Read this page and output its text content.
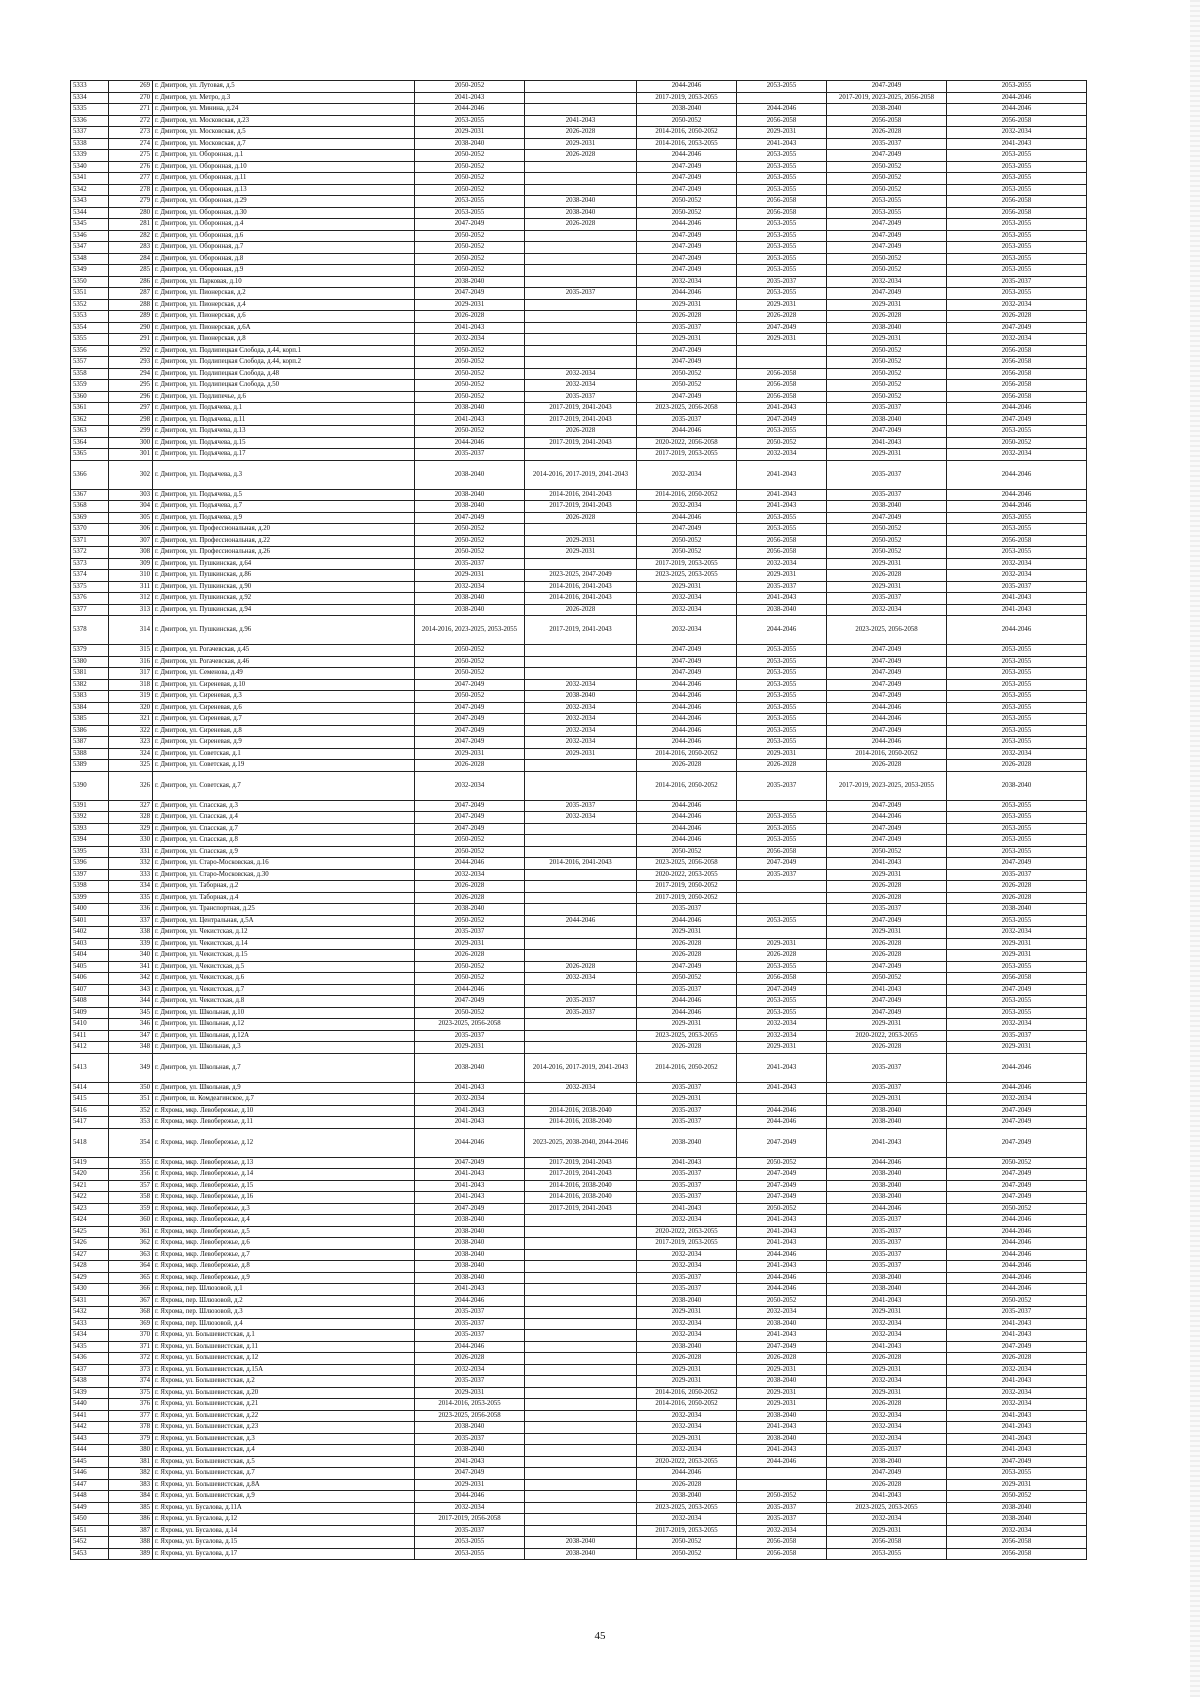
5333	269	г. Дмитров, ул. Лутовая, д.5	2050-2052		2044-2046	2053-2055	2047-2049	2053-2055
5334	270	г. Дмитров, ул. Метро, д.3	2041-2043		2017-2019, 2053-2055		2017-2019, 2023-2025, 2056-2058	2044-2046
5335	271	г. Дмитров, ул. Минина, д.24	2044-2046		2038-2040	2044-2046	2038-2040	2044-2046
5336	272	г. Дмитров, ул. Московская, д.23	2053-2055	2041-2043	2050-2052	2056-2058	2056-2058	2056-2058
5337	273	г. Дмитров, ул. Московская, д.5	2029-2031	2026-2028	2014-2016, 2050-2052	2029-2031	2026-2028	2032-2034
5338	274	г. Дмитров, ул. Московская, д.7	2038-2040	2029-2031	2014-2016, 2053-2055	2041-2043	2035-2037	2041-2043
5339	275	г. Дмитров, ул. Оборонная, д.1	2050-2052	2026-2028	2044-2046	2053-2055	2047-2049	2053-2055
5340	276	г. Дмитров, ул. Оборонная, д.10	2050-2052		2047-2049	2053-2055	2050-2052	2053-2055
5341	277	г. Дмитров, ул. Оборонная, д.11	2050-2052		2047-2049	2053-2055	2050-2052	2053-2055
5342	278	г. Дмитров, ул. Оборонная, д.13	2050-2052		2047-2049	2053-2055	2050-2052	2053-2055
5343	279	г. Дмитров, ул. Оборонная, д.29	2053-2055	2038-2040	2050-2052	2056-2058	2053-2055	2056-2058
5344	280	г. Дмитров, ул. Оборонная, д.30	2053-2055	2038-2040	2050-2052	2056-2058	2053-2055	2056-2058
5345	281	г. Дмитров, ул. Оборонная, д.4	2047-2049	2026-2028	2044-2046	2053-2055	2047-2049	2053-2055
5346	282	г. Дмитров, ул. Оборонная, д.6	2050-2052		2047-2049	2053-2055	2047-2049	2053-2055
5347	283	г. Дмитров, ул. Оборонная, д.7	2050-2052		2047-2049	2053-2055	2047-2049	2053-2055
5348	284	г. Дмитров, ул. Оборонная, д.8	2050-2052		2047-2049	2053-2055	2050-2052	2053-2055
5349	285	г. Дмитров, ул. Оборонная, д.9	2050-2052		2047-2049	2053-2055	2050-2052	2053-2055
5350	286	г. Дмитров, ул. Парковая, д.10	2038-2040		2032-2034	2035-2037	2032-2034	2035-2037
5351	287	г. Дмитров, ул. Пионерская, д.2	2047-2049	2035-2037	2044-2046	2053-2055	2047-2049	2053-2055
5352	288	г. Дмитров, ул. Пионерская, д.4	2029-2031		2029-2031	2029-2031	2029-2031	2032-2034
5353	289	г. Дмитров, ул. Пионерская, д.6	2026-2028		2026-2028	2026-2028	2026-2028	2026-2028
5354	290	г. Дмитров, ул. Пионерская, д.6А	2041-2043		2035-2037	2047-2049	2038-2040	2047-2049
5355	291	г. Дмитров, ул. Пионерская, д.8	2032-2034		2029-2031	2029-2031	2029-2031	2032-2034
5356	292	г. Дмитров, ул. Подлипецкая Слобода, д.44, корп.1	2050-2052		2047-2049		2050-2052	2056-2058
5357	293	г. Дмитров, ул. Подлипецкая Слобода, д.44, корп.2	2050-2052		2047-2049		2050-2052	2056-2058
5358	294	г. Дмитров, ул. Подлипецкая Слобода, д.48	2050-2052	2032-2034	2050-2052	2056-2058	2050-2052	2056-2058
5359	295	г. Дмитров, ул. Подлипецкая Слобода, д.50	2050-2052	2032-2034	2050-2052	2056-2058	2050-2052	2056-2058
5360	296	г. Дмитров, ул. Подлипечье, д.6	2050-2052	2035-2037	2047-2049	2056-2058	2050-2052	2056-2058
5361	297	г. Дмитров, ул. Подъячева, д.1	2038-2040	2017-2019, 2041-2043	2023-2025, 2056-2058	2041-2043	2035-2037	2044-2046
5362	298	г. Дмитров, ул. Подъячева, д.11	2041-2043	2017-2019, 2041-2043	2035-2037	2047-2049	2038-2040	2047-2049
5363	299	г. Дмитров, ул. Подъячева, д.13	2050-2052	2026-2028	2044-2046	2053-2055	2047-2049	2053-2055
5364	300	г. Дмитров, ул. Подъячева, д.15	2044-2046	2017-2019, 2041-2043	2020-2022, 2056-2058	2050-2052	2041-2043	2050-2052
5365	301	г. Дмитров, ул. Подъячева, д.17	2035-2037		2017-2019, 2053-2055	2032-2034	2029-2031	2032-2034
5366	302	г. Дмитров, ул. Подъячева, д.3	2038-2040	2014-2016, 2017-2019, 2041-2043	2032-2034	2041-2043	2035-2037	2044-2046
5367	303	г. Дмитров, ул. Подъячева, д.5	2038-2040	2014-2016, 2041-2043	2014-2016, 2050-2052	2041-2043	2035-2037	2044-2046
5368	304	г. Дмитров, ул. Подъячева, д.7	2038-2040	2017-2019, 2041-2043	2032-2034	2041-2043	2038-2040	2044-2046
5369	305	г. Дмитров, ул. Подъячева, д.9	2047-2049	2026-2028	2044-2046	2053-2055	2047-2049	2053-2055
5370	306	г. Дмитров, ул. Профессиональная, д.20	2050-2052		2047-2049	2053-2055	2050-2052	2053-2055
5371	307	г. Дмитров, ул. Профессиональная, д.22	2050-2052	2029-2031	2050-2052	2056-2058	2050-2052	2056-2058
5372	308	г. Дмитров, ул. Профессиональная, д.26	2050-2052	2029-2031	2050-2052	2056-2058	2050-2052	2053-2055
5373	309	г. Дмитров, ул. Пушкинская, д.64	2035-2037		2017-2019, 2053-2055	2032-2034	2029-2031	2032-2034
5374	310	г. Дмитров, ул. Пушкинская, д.86	2029-2031	2023-2025, 2047-2049	2023-2025, 2053-2055	2029-2031	2026-2028	2032-2034
5375	311	г. Дмитров, ул. Пушкинская, д.90	2032-2034	2014-2016, 2041-2043	2029-2031	2035-2037	2029-2031	2035-2037
5376	312	г. Дмитров, ул. Пушкинская, д.92	2038-2040	2014-2016, 2041-2043	2032-2034	2041-2043	2035-2037	2041-2043
5377	313	г. Дмитров, ул. Пушкинская, д.94	2038-2040	2026-2028	2032-2034	2038-2040	2032-2034	2041-2043
5378	314	г. Дмитров, ул. Пушкинская, д.96	2014-2016, 2023-2025, 2053-2055	2017-2019, 2041-2043	2032-2034	2044-2046	2023-2025, 2056-2058	2044-2046
5379	315	г. Дмитров, ул. Рогачевская, д.45	2050-2052		2047-2049	2053-2055	2047-2049	2053-2055
5380	316	г. Дмитров, ул. Рогачевская, д.46	2050-2052		2047-2049	2053-2055	2047-2049	2053-2055
5381	317	г. Дмитров, ул. Семенова, д.49	2050-2052		2047-2049	2053-2055	2047-2049	2053-2055
5382	318	г. Дмитров, ул. Сиреневая, д.10	2047-2049	2032-2034	2044-2046	2053-2055	2047-2049	2053-2055
5383	319	г. Дмитров, ул. Сиреневая, д.3	2050-2052	2038-2040	2044-2046	2053-2055	2047-2049	2053-2055
5384	320	г. Дмитров, ул. Сиреневая, д.6	2047-2049	2032-2034	2044-2046	2053-2055	2044-2046	2053-2055
5385	321	г. Дмитров, ул. Сиреневая, д.7	2047-2049	2032-2034	2044-2046	2053-2055	2044-2046	2053-2055
5386	322	г. Дмитров, ул. Сиреневая, д.8	2047-2049	2032-2034	2044-2046	2053-2055	2047-2049	2053-2055
5387	323	г. Дмитров, ул. Сиреневая, д.9	2047-2049	2032-2034	2044-2046	2053-2055	2044-2046	2053-2055
5388	324	г. Дмитров, ул. Советская, д.1	2029-2031	2029-2031	2014-2016, 2050-2052	2029-2031	2014-2016, 2050-2052	2032-2034
5389	325	г. Дмитров, ул. Советская, д.19	2026-2028		2026-2028	2026-2028	2026-2028	2026-2028
5390	326	г. Дмитров, ул. Советская, д.7	2032-2034		2014-2016, 2050-2052	2035-2037	2017-2019, 2023-2025, 2053-2055	2038-2040
5391	327	г. Дмитров, ул. Спасская, д.3	2047-2049	2035-2037	2044-2046		2047-2049	2053-2055
5392	328	г. Дмитров, ул. Спасская, д.4	2047-2049	2032-2034	2044-2046	2053-2055	2044-2046	2053-2055
5393	329	г. Дмитров, ул. Спасская, д.7	2047-2049		2044-2046	2053-2055	2047-2049	2053-2055
5394	330	г. Дмитров, ул. Спасская, д.8	2050-2052		2044-2046	2053-2055	2047-2049	2053-2055
5395	331	г. Дмитров, ул. Спасская, д.9	2050-2052		2050-2052	2056-2058	2050-2052	2053-2055
5396	332	г. Дмитров, ул. Старо-Московская, д.16	2044-2046	2014-2016, 2041-2043	2023-2025, 2056-2058	2047-2049	2041-2043	2047-2049
5397	333	г. Дмитров, ул. Старо-Московская, д.30	2032-2034		2020-2022, 2053-2055	2035-2037	2029-2031	2035-2037
5398	334	г. Дмитров, ул. Таборная, д.2	2026-2028		2017-2019, 2050-2052		2026-2028	2026-2028
5399	335	г. Дмитров, ул. Таборная, д.4	2026-2028		2017-2019, 2050-2052		2026-2028	2026-2028
5400	336	г. Дмитров, ул. Транспортная, д.25	2038-2040		2035-2037		2035-2037	2038-2040
5401	337	г. Дмитров, ул. Центральная, д.5А	2050-2052	2044-2046	2044-2046	2053-2055	2047-2049	2053-2055
5402	338	г. Дмитров, ул. Чекистская, д.12	2035-2037		2029-2031		2029-2031	2032-2034
5403	339	г. Дмитров, ул. Чекистская, д.14	2029-2031		2026-2028	2029-2031	2026-2028	2029-2031
5404	340	г. Дмитров, ул. Чекистская, д.15	2026-2028		2026-2028	2026-2028	2026-2028	2029-2031
5405	341	г. Дмитров, ул. Чекистская, д.5	2050-2052	2026-2028	2047-2049	2053-2055	2047-2049	2053-2055
5406	342	г. Дмитров, ул. Чекистская, д.6	2050-2052	2032-2034	2050-2052	2056-2058	2050-2052	2056-2058
5407	343	г. Дмитров, ул. Чекистская, д.7	2044-2046		2035-2037	2047-2049	2041-2043	2047-2049
5408	344	г. Дмитров, ул. Чекистская, д.8	2047-2049	2035-2037	2044-2046	2053-2055	2047-2049	2053-2055
5409	345	г. Дмитров, ул. Школьная, д.10	2050-2052	2035-2037	2044-2046	2053-2055	2047-2049	2053-2055
5410	346	г. Дмитров, ул. Школьная, д.12	2023-2025, 2056-2058		2029-2031	2032-2034	2029-2031	2032-2034
5411	347	г. Дмитров, ул. Школьная, д.12А	2035-2037		2023-2025, 2053-2055	2032-2034	2020-2022, 2053-2055	2035-2037
5412	348	г. Дмитров, ул. Школьная, д.3	2029-2031		2026-2028	2029-2031	2026-2028	2029-2031
5413	349	г. Дмитров, ул. Школьная, д.7	2038-2040	2014-2016, 2017-2019, 2041-2043	2014-2016, 2050-2052	2041-2043	2035-2037	2044-2046
5414	350	г. Дмитров, ул. Школьная, д.9	2041-2043	2032-2034	2035-2037	2041-2043	2035-2037	2044-2046
5415	351	г. Дмитров, ш. Комдеагинское, д.7	2032-2034		2029-2031		2029-2031	2032-2034
5416	352	г. Яхрома, мкр. Левобережье, д.10	2041-2043	2014-2016, 2038-2040	2035-2037	2044-2046	2038-2040	2047-2049
5417	353	г. Яхрома, мкр. Левобережье, д.11	2041-2043	2014-2016, 2038-2040	2035-2037	2044-2046	2038-2040	2047-2049
5418	354	г. Яхрома, мкр. Левобережье, д.12	2044-2046	2023-2025, 2038-2040, 2044-2046	2038-2040	2047-2049	2041-2043	2047-2049
5419	355	г. Яхрома, мкр. Левобережье, д.13	2047-2049	2017-2019, 2041-2043	2041-2043	2050-2052	2044-2046	2050-2052
5420	356	г. Яхрома, мкр. Левобережье, д.14	2041-2043	2017-2019, 2041-2043	2035-2037	2047-2049	2038-2040	2047-2049
5421	357	г. Яхрома, мкр. Левобережье, д.15	2041-2043	2014-2016, 2038-2040	2035-2037	2047-2049	2038-2040	2047-2049
5422	358	г. Яхрома, мкр. Левобережье, д.16	2041-2043	2014-2016, 2038-2040	2035-2037	2047-2049	2038-2040	2047-2049
5423	359	г. Яхрома, мкр. Левобережье, д.3	2047-2049	2017-2019, 2041-2043	2041-2043	2050-2052	2044-2046	2050-2052
5424	360	г. Яхрома, мкр. Левобережье, д.4	2038-2040		2032-2034	2041-2043	2035-2037	2044-2046
5425	361	г. Яхрома, мкр. Левобережье, д.5	2038-2040		2020-2022, 2053-2055	2041-2043	2035-2037	2044-2046
5426	362	г. Яхрома, мкр. Левобережье, д.6	2038-2040		2017-2019, 2053-2055	2041-2043	2035-2037	2044-2046
5427	363	г. Яхрома, мкр. Левобережье, д.7	2038-2040		2032-2034	2044-2046	2035-2037	2044-2046
5428	364	г. Яхрома, мкр. Левобережье, д.8	2038-2040		2032-2034	2041-2043	2035-2037	2044-2046
5429	365	г. Яхрома, мкр. Левобережье, д.9	2038-2040		2035-2037	2044-2046	2038-2040	2044-2046
5430	366	г. Яхрома, пер. Шлюзовой, д.1	2041-2043		2035-2037	2044-2046	2038-2040	2044-2046
5431	367	г. Яхрома, пер. Шлюзовой, д.2	2044-2046		2038-2040	2050-2052	2041-2043	2050-2052
5432	368	г. Яхрома, пер. Шлюзовой, д.3	2035-2037		2029-2031	2032-2034	2029-2031	2035-2037
5433	369	г. Яхрома, пер. Шлюзовой, д.4	2035-2037		2032-2034	2038-2040	2032-2034	2041-2043
5434	370	г. Яхрома, ул. Большевистская, д.1	2035-2037		2032-2034	2041-2043	2032-2034	2041-2043
5435	371	г. Яхрома, ул. Большевистская, д.11	2044-2046		2038-2040	2047-2049	2041-2043	2047-2049
5436	372	г. Яхрома, ул. Большевистская, д.12	2026-2028		2026-2028	2026-2028	2026-2028	2026-2028
5437	373	г. Яхрома, ул. Большевистская, д.15А	2032-2034		2029-2031	2029-2031	2029-2031	2032-2034
5438	374	г. Яхрома, ул. Большевистская, д.2	2035-2037		2029-2031	2038-2040	2032-2034	2041-2043
5439	375	г. Яхрома, ул. Большевистская, д.20	2029-2031		2014-2016, 2050-2052	2029-2031	2029-2031	2032-2034
5440	376	г. Яхрома, ул. Большевистская, д.21	2014-2016, 2053-2055		2014-2016, 2050-2052	2029-2031	2026-2028	2032-2034
5441	377	г. Яхрома, ул. Большевистская, д.22	2023-2025, 2056-2058		2032-2034	2038-2040	2032-2034	2041-2043
5442	378	г. Яхрома, ул. Большевистская, д.23	2038-2040		2032-2034	2041-2043	2032-2034	2041-2043
5443	379	г. Яхрома, ул. Большевистская, д.3	2035-2037		2029-2031	2038-2040	2032-2034	2041-2043
5444	380	г. Яхрома, ул. Большевистская, д.4	2038-2040		2032-2034	2041-2043	2035-2037	2041-2043
5445	381	г. Яхрома, ул. Большевистская, д.5	2041-2043		2020-2022, 2053-2055	2044-2046	2038-2040	2047-2049
5446	382	г. Яхрома, ул. Большевистская, д.7	2047-2049		2044-2046		2047-2049	2053-2055
5447	383	г. Яхрома, ул. Большевистская, д.8А	2029-2031		2026-2028		2026-2028	2029-2031
5448	384	г. Яхрома, ул. Большевистская, д.9	2044-2046		2038-2040	2050-2052	2041-2043	2050-2052
5449	385	г. Яхрома, ул. Бусалова, д.11А	2032-2034		2023-2025, 2053-2055	2035-2037	2023-2025, 2053-2055	2038-2040
5450	386	г. Яхрома, ул. Бусалова, д.12	2017-2019, 2056-2058		2032-2034	2035-2037	2032-2034	2038-2040
5451	387	г. Яхрома, ул. Бусалова, д.14	2035-2037		2017-2019, 2053-2055	2032-2034	2029-2031	2032-2034
5452	388	г. Яхрома, ул. Бусалова, д.15	2053-2055	2038-2040	2050-2052	2056-2058	2056-2058	2056-2058
5453	389	г. Яхрома, ул. Бусалова, д.17	2053-2055	2038-2040	2050-2052	2056-2058	2053-2055	2056-2058
45
